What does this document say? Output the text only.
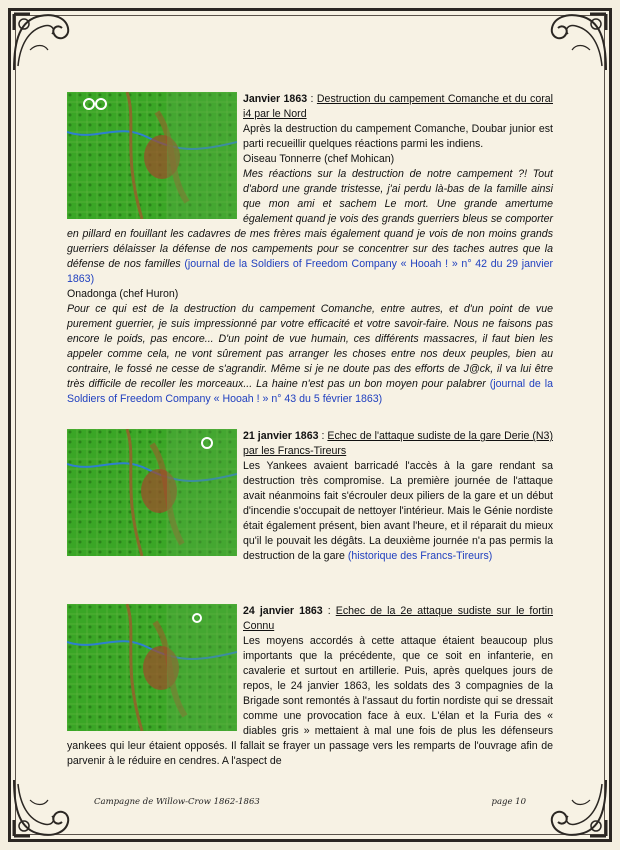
Janvier 1863 : Destruction du campement Comanche et du coral i4 par le Nord

Après la destruction du campement Comanche, Doubar junior est parti recueillir quelques réactions parmi les indiens.

Oiseau Tonnerre (chef Mohican)

Mes réactions sur la destruction de notre campement ?! Tout d'abord une grande tristesse, j'ai perdu là-bas de la famille ainsi que mon ami et sachem Le mort. Une grande amertume également quand je vois des grands guerriers bleus se comporter en pillard en fouillant les cadavres de mes frères mais également quand je vois de non moins grands guerriers délaisser la défense de nos campements pour se concentrer sur des taches autres que la défense de nos familles (journal de la Soldiers of Freedom Company « Hooah ! » n° 42 du 29 janvier 1863)

Onadonga (chef Huron)

Pour ce qui est de la destruction du campement Comanche, entre autres, et d'un point de vue purement guerrier, je suis impressionné par votre efficacité et votre savoir-faire. Nous ne faisons pas encore le poids, pas encore... D'un point de vue humain, ces différents massacres, il faut bien les appeler comme cela, ne vont sûrement pas arranger les choses entre nos deux peuples, bien au contraire, le fossé ne cesse de s'agrandir. Même si je ne doute pas des efforts de J@ck, il va lui être très difficile de recoller les morceaux... La haine n'est pas un bon moyen pour palabrer (journal de la Soldiers of Freedom Company « Hooah ! » n° 43 du 5 février 1863)

21 janvier 1863 : Echec de l'attaque sudiste de la gare Derie (N3) par les Francs-Tireurs

Les Yankees avaient barricadé l'accès à la gare rendant sa destruction très compromise. La première journée de l'attaque avait néanmoins fait s'écrouler deux piliers de la gare et un début d'incendie s'occupait de nettoyer l'intérieur. Mais le Génie nordiste était également présent, bien avant l'heure, et il réparait du mieux qu'il le pouvait les dégâts. La deuxième journée n'a pas permis la destruction de la gare (historique des Francs-Tireurs)

24 janvier 1863 : Echec de la 2e attaque sudiste sur le fortin Connu

Les moyens accordés à cette attaque étaient beaucoup plus importants que la précédente, que ce soit en infanterie, en cavalerie et surtout en artillerie. Puis, après quelques jours de repos, le 24 janvier 1863, les soldats des 3 compagnies de la Brigade sont remontés à l'assaut du fortin nordiste qui se dressait comme une provocation face à eux. L'élan et la Furia des « diables gris » mettaient à mal une fois de plus les défenseurs yankees qui leur étaient opposés. Il fallait se frayer un passage vers les remparts de l'ouvrage afin de parvenir à le réduire en cendres. A l'aspect de

Campagne de Willow-Crow 1862-1863	page 10
